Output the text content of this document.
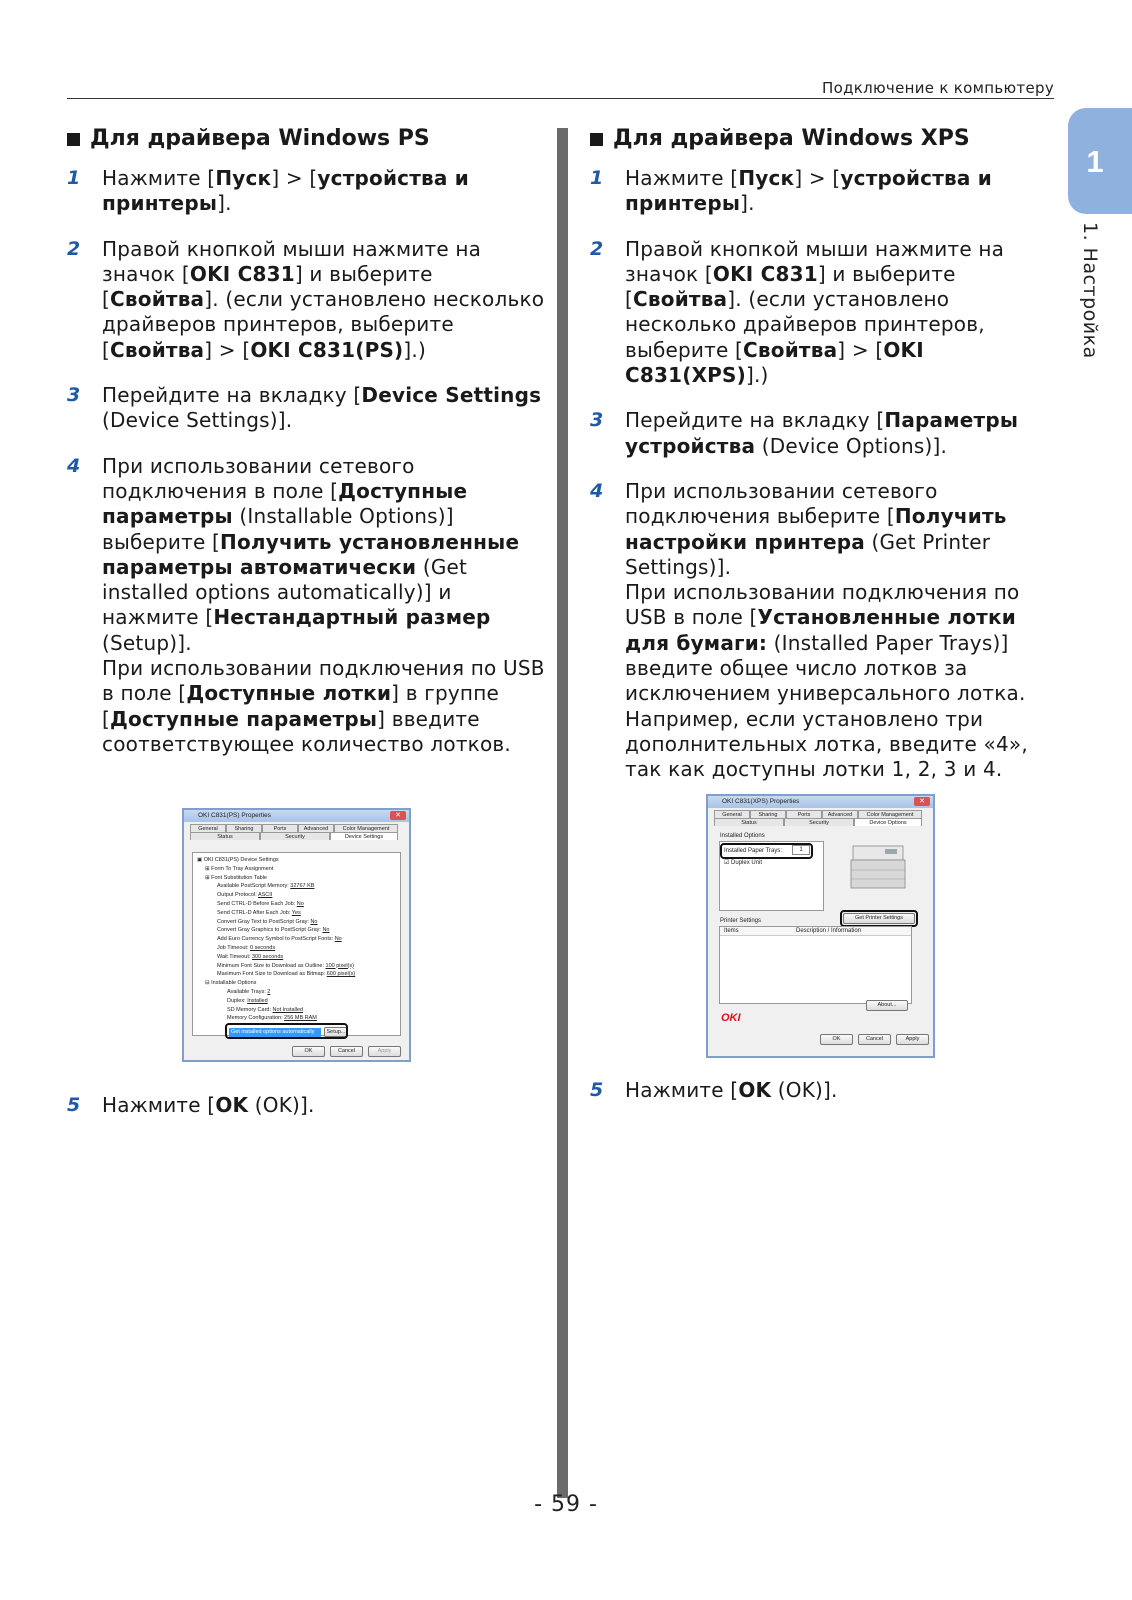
Подключение к компьютеру
1
1. Настройка
Для драйвера Windows PS
1 Нажмите [Пуск] > [устройства и принтеры].
2 Правой кнопкой мыши нажмите на значок [OKI C831] и выберите [Свойтва]. (если установлено несколько драйверов принтеров, выберите [Свойтва] > [OKI C831(PS)].)
3 Перейдите на вкладку [Device Settings (Device Settings)].
4 При использовании сетевого подключения в поле [Доступные параметры (Installable Options)] выберите [Получить установленные параметры автоматически (Get installed options automatically)] и нажмите [Нестандартный размер (Setup)].
При использовании подключения по USB в поле [Доступные лотки] в группе [Доступные параметры] введите соответствующее количество лотков.
OKI C831(PS) Properties	✕
General	Sharing	Ports	Advanced	Color Management
Status	Security	Device Settings
▣ OKI C831(PS) Device Settings
⊞ Form To Tray Assignment
⊞ Font Substitution Table
Available PostScript Memory: 32767 KB
Output Protocol: ASCII
Send CTRL-D Before Each Job: No
Send CTRL-D After Each Job: Yes
Convert Gray Text to PostScript Gray: No
Convert Gray Graphics to PostScript Gray: No
Add Euro Currency Symbol to PostScript Fonts: No
Job Timeout: 0 seconds
Wait Timeout: 300 seconds
Minimum Font Size to Download as Outline: 100 pixel(s)
Maximum Font Size to Download as Bitmap: 600 pixel(s)
⊟ Installable Options
Available Trays: 2
Duplex: Installed
SD Memory Card: Not Installed
Memory Configuration: 256 MB RAM
Get installed options automatically	Setup...
OK	Cancel	Apply
5 Нажмите [OK (OK)].
Для драйвера Windows XPS
1 Нажмите [Пуск] > [устройства и принтеры].
2 Правой кнопкой мыши нажмите на значок [OKI C831] и выберите [Свойтва]. (если установлено несколько драйверов принтеров, выберите [Свойтва] > [OKI C831(XPS)].)
3 Перейдите на вкладку [Параметры устройства (Device Options)].
4 При использовании сетевого подключения выберите [Получить настройки принтера (Get Printer Settings)].
При использовании подключения по USB в поле [Установленные лотки для бумаги: (Installed Paper Trays)] введите общее число лотков за исключением универсального лотка. Например, если установлено три дополнительных лотка, введите «4», так как доступны лотки 1, 2, 3 и 4.
OKI C831(XPS) Properties	✕
General	Sharing	Ports	Advanced	Color Management
Status	Security	Device Options
Installed Options
Installed Paper Trays:	1
☑ Duplex Unit
Printer Settings	Get Printer Settings
Items	Description / Information
OKI
About...
OK	Cancel	Apply
5 Нажмите [OK (OK)].
- 59 -
